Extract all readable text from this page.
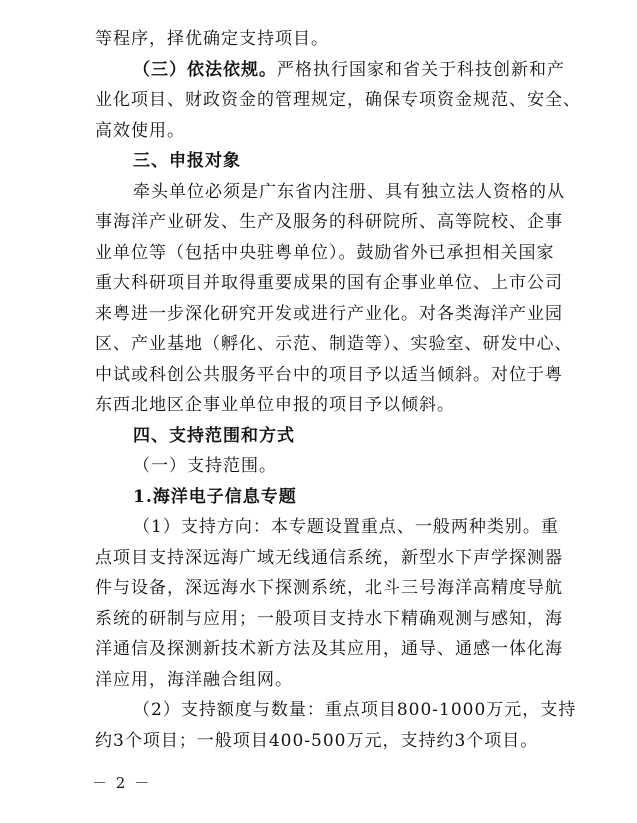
等程序，择优确定支持项目。
（三）依法依规。严格执行国家和省关于科技创新和产
业化项目、财政资金的管理规定，确保专项资金规范、安全、
高效使用。
三、申报对象
牵头单位必须是广东省内注册、具有独立法人资格的从
事海洋产业研发、生产及服务的科研院所、高等院校、企事
业单位等（包括中央驻粤单位）。鼓励省外已承担相关国家
重大科研项目并取得重要成果的国有企事业单位、上市公司
来粤进一步深化研究开发或进行产业化。对各类海洋产业园
区、产业基地（孵化、示范、制造等）、实验室、研发中心、
中试或科创公共服务平台中的项目予以适当倾斜。对位于粤
东西北地区企事业单位申报的项目予以倾斜。
四、支持范围和方式
（一）支持范围。
1.海洋电子信息专题
（1）支持方向：本专题设置重点、一般两种类别。重
点项目支持深远海广域无线通信系统，新型水下声学探测器
件与设备，深远海水下探测系统，北斗三号海洋高精度导航
系统的研制与应用；一般项目支持水下精确观测与感知，海
洋通信及探测新技术新方法及其应用，通导、通感一体化海
洋应用，海洋融合组网。
（2）支持额度与数量：重点项目800-1000万元，支持
约3个项目；一般项目400-500万元，支持约3个项目。
－ 2 －
